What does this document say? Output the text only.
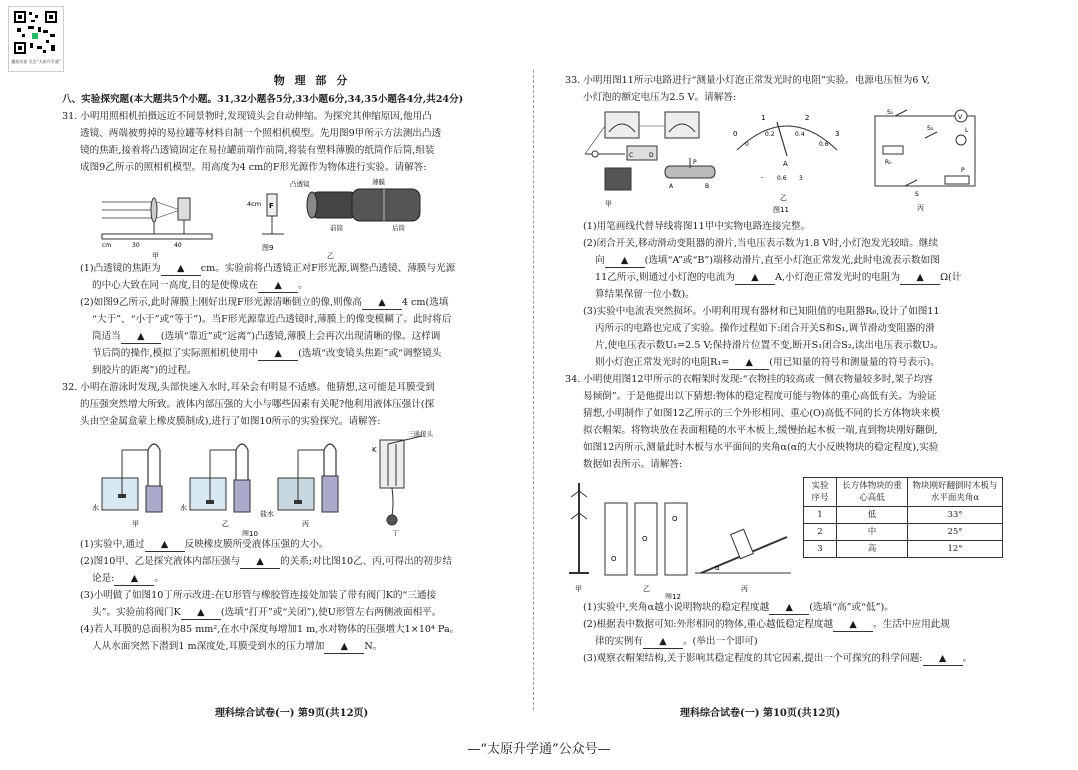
播放试卷 关注“太原升学通”
物 理 部 分

八、实验探究题(本大题共5个小题。31,32小题各5分,33小题6分,34,35小题各4分,共24分)

31. 小明用照相机拍摄远近不同景物时,发现镜头会自动伸缩。为探究其伸缩原因,他用凸

透镜、两端被剪掉的易拉罐等材料自制一个照相机模型。先用图9甲所示方法测出凸透

镜的焦距,接着将凸透镜固定在易拉罐前端作前筒,将装有塑料薄膜的纸筒作后筒,组装

成图9乙所示的照相机模型。用高度为4 cm的F形光源作为物体进行实验。请解答:

cm	30	40
甲
4cm F
凸透镜	薄膜
前筒	后筒
乙
图9

(1)凸透镜的焦距为 ▲ cm。实验前将凸透镜正对F形光源,调整凸透镜、薄膜与光源

的中心大致在同一高度,目的是使像成在 ▲ 。

(2)如图9乙所示,此时薄膜上刚好出现F形光源清晰倒立的像,则像高 ▲ 4 cm(选填

“大于”、“小于”或“等于”)。当F形光源靠近凸透镜时,薄膜上的像变模糊了。此时将后

筒适当 ▲ (选填“靠近”或“远离”)凸透镜,薄膜上会再次出现清晰的像。这样调

节后筒的操作,模拟了实际照相机使用中 ▲ (选填“改变镜头焦距”或“调整镜头

到胶片的距离”)的过程。

32. 小明在游泳时发现,头部快速入水时,耳朵会有明显不适感。他猜想,这可能是耳膜受到

的压强突然增大所致。液体内部压强的大小与哪些因素有关呢?他利用液体压强计(探

头由空金属盒蒙上橡皮膜制成),进行了如图10所示的实验探究。请解答:

水
甲
水
乙
盐水
丙
K
三通接头
丁
图10

(1)实验中,通过 ▲ 反映橡皮膜所受液体压强的大小。

(2)图10甲、乙是探究液体内部压强与 ▲ 的关系;对比图10乙、丙,可得出的初步结

论是: ▲ 。

(3)小明做了如图10丁所示改进:在U形管与橡胶管连接处加装了带有阀门K的“三通接

头”。实验前将阀门K ▲ (选填“打开”或“关闭”),使U形管左右两侧液面相平。

(4)若人耳膜的总面积为85 mm²,在水中深度每增加1 m,水对物体的压强增大1×10⁴ Pa。

人从水面突然下潜到1 m深度处,耳膜受到水的压力增加 ▲ N。

理科综合试卷(一) 第9页(共12页)

33. 小明用图11所示电路进行“测量小灯泡正常发光时的电阻”实验。电源电压恒为6 V,

小灯泡的额定电压为2.5 V。请解答:

C	D
P
A	B
甲
0
1	2
3
0
0.2	0.4
0.6
A
- 0.6 3
乙
图11
S₁
V
S₂	L
R₀
S
P
丙

(1)用笔画线代替导线将图11甲中实物电路连接完整。

(2)闭合开关,移动滑动变阻器的滑片,当电压表示数为1.8 V时,小灯泡发光较暗。继续

向 ▲ (选填“A”或“B”)端移动滑片,直至小灯泡正常发光,此时电流表示数如图

11乙所示,则通过小灯泡的电流为 ▲ A,小灯泡正常发光时的电阻为 ▲ Ω(计

算结果保留一位小数)。

(3)实验中电流表突然损坏。小明利用现有器材和已知阻值的电阻器R₀,设计了如图11

丙所示的电路也完成了实验。操作过程如下:闭合开关S和S₁,调节滑动变阻器的滑

片,使电压表示数U₁=2.5 V;保持滑片位置不变,断开S₁闭合S₂,读出电压表示数U₂。

则小灯泡正常发光时的电阻R₁= ▲ (用已知量的符号和测量量的符号表示)。

34. 小明使用图12甲所示的衣帽架时发现:“衣物挂的较高或一侧衣物量较多时,架子均容

易倾倒”。于是他提出以下猜想:物体的稳定程度可能与物体的重心高低有关。为验证

猜想,小明制作了如图12乙所示的三个外形相同、重心(O)高低不同的长方体物块来模

拟衣帽架。将物块放在表面粗糙的水平木板上,缓慢抬起木板一端,直到物块刚好翻倒,

如图12丙所示,测量此时木板与水平面间的夹角α(α的大小反映物块的稳定程度),实验

数据如表所示。请解答:

甲
O
O
O
乙
α
丙
图12
实验序号	长方体物块的重心高低	物块刚好翻倒时木板与水平面夹角α
1	低	33°
2	中	25°
3	高	12°

(1)实验中,夹角α越小说明物块的稳定程度越 ▲ (选填“高”或“低”)。

(2)根据表中数据可知:外形相同的物体,重心越低稳定程度越 ▲ 。生活中应用此规

律的实例有 ▲ 。(举出一个即可)

(3)观察衣帽架结构,关于影响其稳定程度的其它因素,提出一个可探究的科学问题: ▲ 。

理科综合试卷(一) 第10页(共12页)
—“太原升学通”公众号—
